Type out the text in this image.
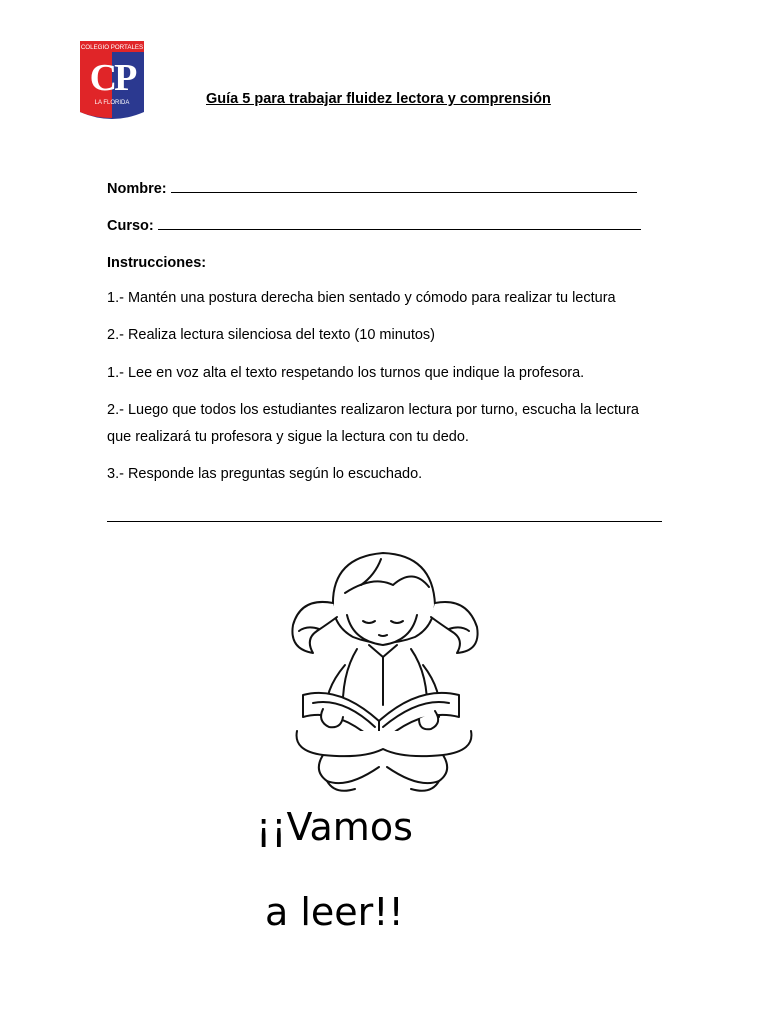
COLEGIO PORTALES
CP
LA FLORIDA	Guía 5 para trabajar fluidez lectora y comprensión
Nombre:
Curso:
Instrucciones:
1.- Mantén una postura derecha bien sentado y cómodo para realizar tu lectura
2.- Realiza lectura silenciosa del texto (10 minutos)
1.- Lee en voz alta el texto respetando los turnos que indique la profesora.
2.- Luego que todos los estudiantes realizaron lectura por turno, escucha la lectura que realizará tu profesora y sigue la lectura con tu dedo.
3.- Responde las preguntas según lo escuchado.
¡¡Vamos
a leer!!
